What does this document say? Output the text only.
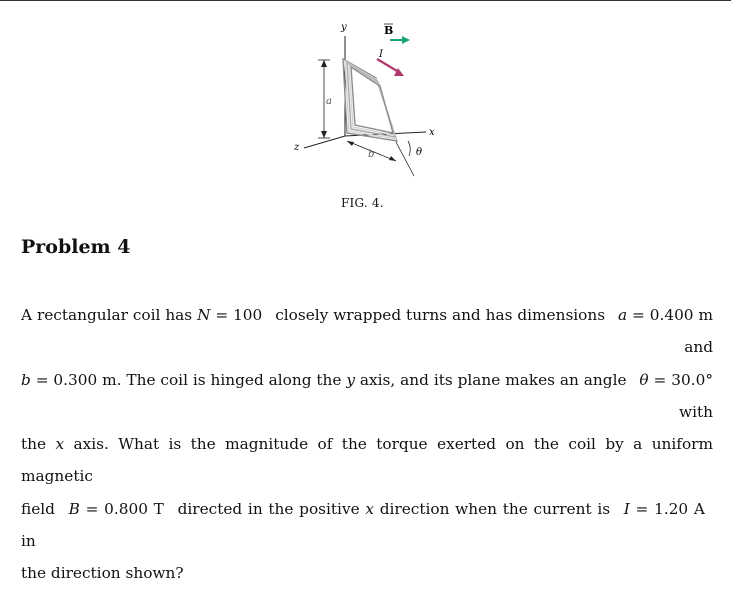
y
z
x
B
I
a
b	θ
FIG. 4.
Problem 4
A rectangular coil has N = 100 closely wrapped turns and has dimensions a = 0.400 m and
b = 0.300 m. The coil is hinged along the y axis, and its plane makes an angle θ = 30.0° with
the x axis. What is the magnitude of the torque exerted on the coil by a uniform magnetic
field B = 0.800 T directed in the positive x direction when the current is I = 1.20 A in
the direction shown?
